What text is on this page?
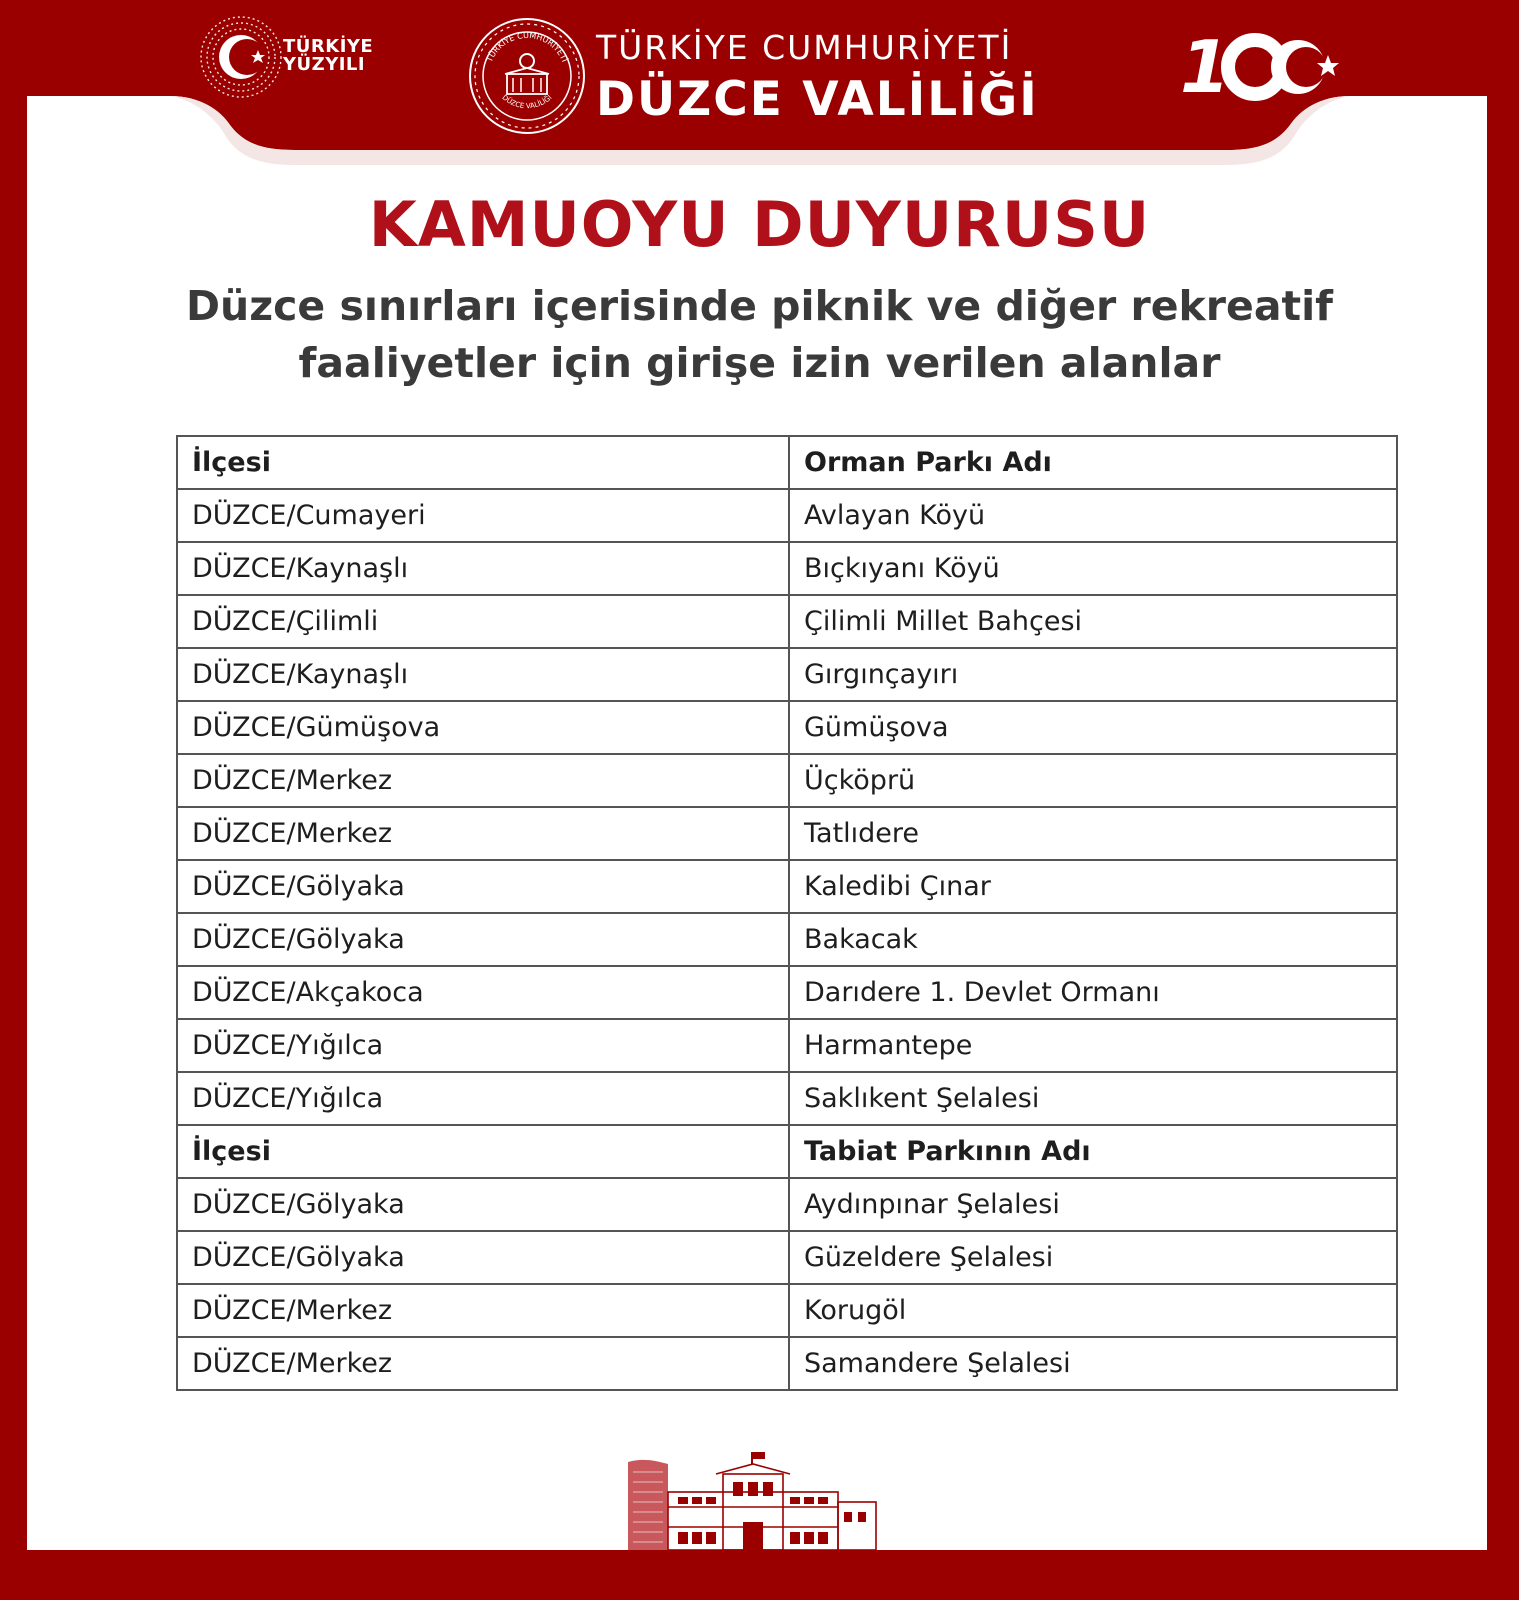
TÜRKİYE
YÜZYILI	TÜRKİYE CUMHURİYETİ
DÜZCE VALİLİĞİ
TÜRKİYE CUMHURİYETİ
DÜZCE VALİLİĞİ 1
KAMUOYU DUYURUSU
Düzce sınırları içerisinde piknik ve diğer rekreatif
faaliyetler için girişe izin verilen alanlar
İlçesi	Orman Parkı Adı
DÜZCE/Cumayeri	Avlayan Köyü
DÜZCE/Kaynaşlı	Bıçkıyanı Köyü
DÜZCE/Çilimli	Çilimli Millet Bahçesi
DÜZCE/Kaynaşlı	Gırgınçayırı
DÜZCE/Gümüşova	Gümüşova
DÜZCE/Merkez	Üçköprü
DÜZCE/Merkez	Tatlıdere
DÜZCE/Gölyaka	Kaledibi Çınar
DÜZCE/Gölyaka	Bakacak
DÜZCE/Akçakoca	Darıdere 1. Devlet Ormanı
DÜZCE/Yığılca	Harmantepe
DÜZCE/Yığılca	Saklıkent Şelalesi
İlçesi	Tabiat Parkının Adı
DÜZCE/Gölyaka	Aydınpınar Şelalesi
DÜZCE/Gölyaka	Güzeldere Şelalesi
DÜZCE/Merkez	Korugöl
DÜZCE/Merkez	Samandere Şelalesi
